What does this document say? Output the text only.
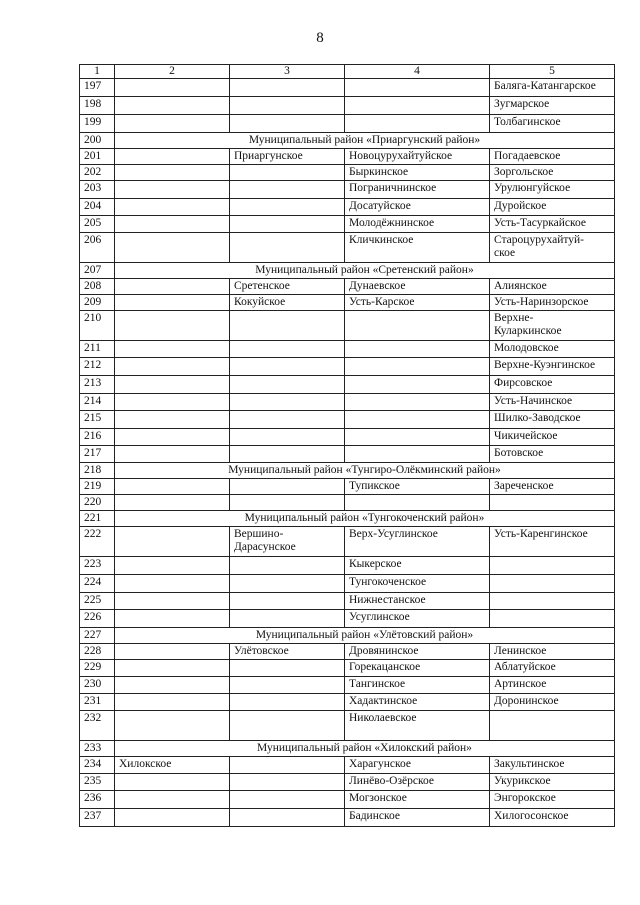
8
1	2	3	4	5
197				Баляга-Катангарское
198				Зугмарское
199				Толбагинское
200	Муниципальный район «Приаргунский район»			
201		Приаргунское	Новоцурухайтуйское	Погадаевское
202			Быркинское	Зоргольское
203			Пограничнинское	Урулюнгуйское
204			Досатуйское	Дуройское
205			Молодёжнинское	Усть-Тасуркайское
206			Кличкинское	Староцурухайтуй-
ское
207	Муниципальный район «Сретенский район»			
208		Сретенское	Дунаевское	Алиянское
209		Кокуйское	Усть-Карское	Усть-Наринзорское
210				Верхне-
Куларкинское
211				Молодовское
212				Верхне-Куэнгинское
213				Фирсовское
214				Усть-Начинское
215				Шилко-Заводское
216				Чикичейское
217				Ботовское
218	Муниципальный район «Тунгиро-Олёкминский район»			
219			Тупикское	Зареченское
220				
221	Муниципальный район «Тунгокоченский район»			
222		Вершино-
Дарасунское	Верх-Усуглинское	Усть-Каренгинское
223			Кыкерское	
224			Тунгокоченское	
225			Нижнестанское	
226			Усуглинское	
227	Муниципальный район «Улётовский район»			
228		Улётовское	Дровянинское	Ленинское
229			Горекацанское	Аблатуйское
230			Тангинское	Артинское
231			Хадактинское	Доронинское
232			Николаевское	
233	Муниципальный район «Хилокский район»			
234	Хилокское		Харагунское	Закультинское
235			Линёво-Озёрское	Укурикское
236			Могзонское	Энгорокское
237			Бадинское	Хилогосонское
